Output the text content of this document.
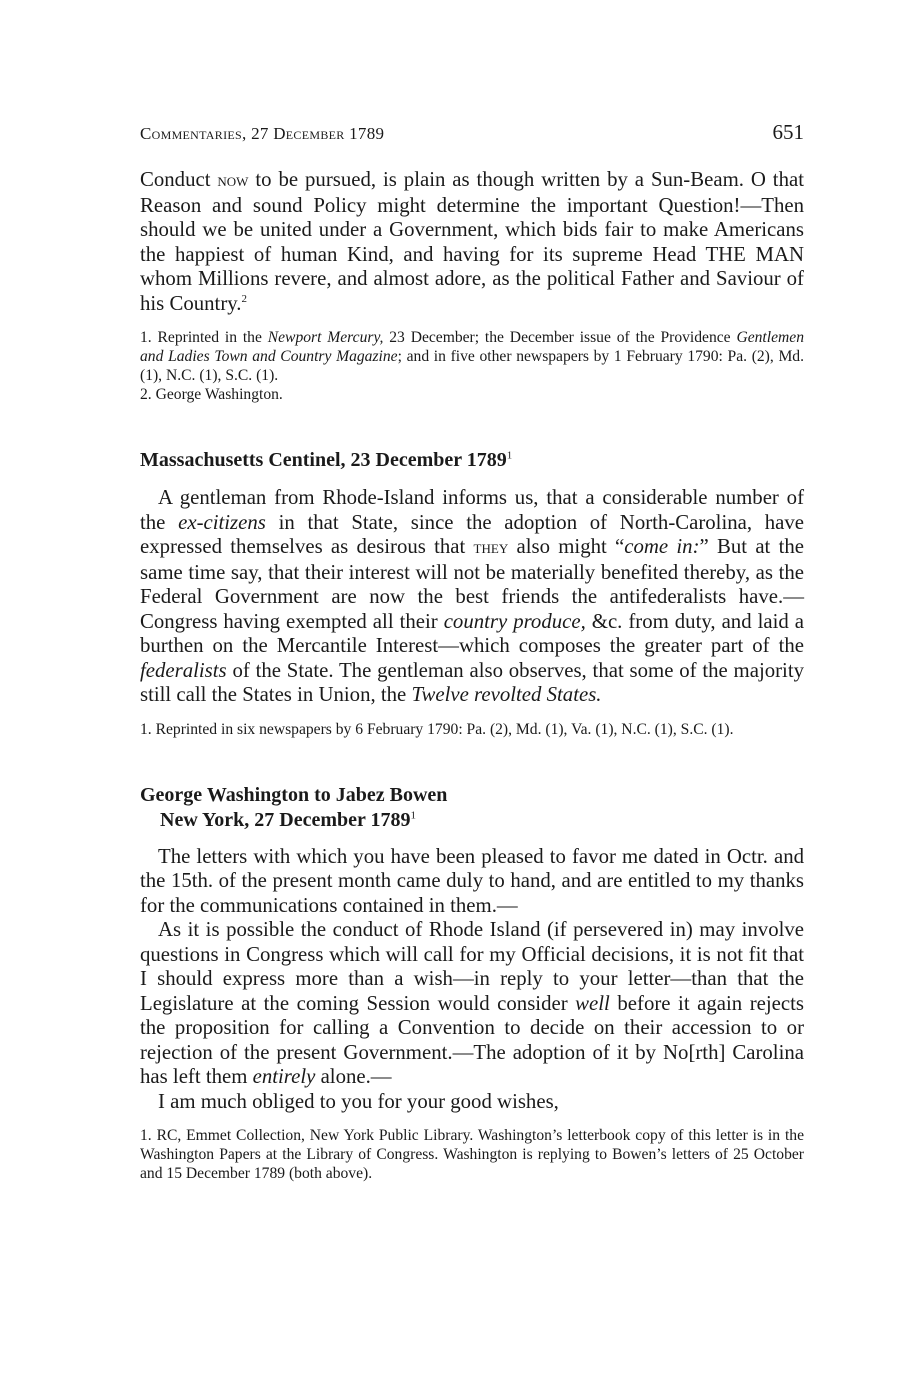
Commentaries, 27 December 1789	651

Conduct now to be pursued, is plain as though written by a Sun-Beam. O that Reason and sound Policy might determine the important Question!—Then should we be united under a Government, which bids fair to make Americans the happiest of human Kind, and having for its supreme Head THE MAN whom Millions revere, and almost adore, as the political Father and Saviour of his Country.$^2$

1. Reprinted in the Newport Mercury, 23 December; the December issue of the Providence Gentlemen and Ladies Town and Country Magazine; and in five other newspapers by 1 February 1790: Pa. (2), Md. (1), N.C. (1), S.C. (1).

2. George Washington.

Massachusetts Centinel, 23 December 1789$^1$

A gentleman from Rhode-Island informs us, that a considerable number of the ex-citizens in that State, since the adoption of North-Carolina, have expressed themselves as desirous that they also might “come in:” But at the same time say, that their interest will not be materially benefited thereby, as the Federal Government are now the best friends the antifederalists have.—Congress having exempted all their country produce, &c. from duty, and laid a burthen on the Mercantile Interest—which composes the greater part of the federalists of the State. The gentleman also observes, that some of the majority still call the States in Union, the Twelve revolted States.

1. Reprinted in six newspapers by 6 February 1790: Pa. (2), Md. (1), Va. (1), N.C. (1), S.C. (1).

George Washington to Jabez Bowen

New York, 27 December 1789$^1$

The letters with which you have been pleased to favor me dated in Octr. and the 15th. of the present month came duly to hand, and are entitled to my thanks for the communications contained in them.—

As it is possible the conduct of Rhode Island (if persevered in) may involve questions in Congress which will call for my Official decisions, it is not fit that I should express more than a wish—in reply to your letter—than that the Legislature at the coming Session would consider well before it again rejects the proposition for calling a Convention to decide on their accession to or rejection of the present Government.—The adoption of it by No[rth] Carolina has left them entirely alone.—

I am much obliged to you for your good wishes,

1. RC, Emmet Collection, New York Public Library. Washington’s letterbook copy of this letter is in the Washington Papers at the Library of Congress. Washington is replying to Bowen’s letters of 25 October and 15 December 1789 (both above).
